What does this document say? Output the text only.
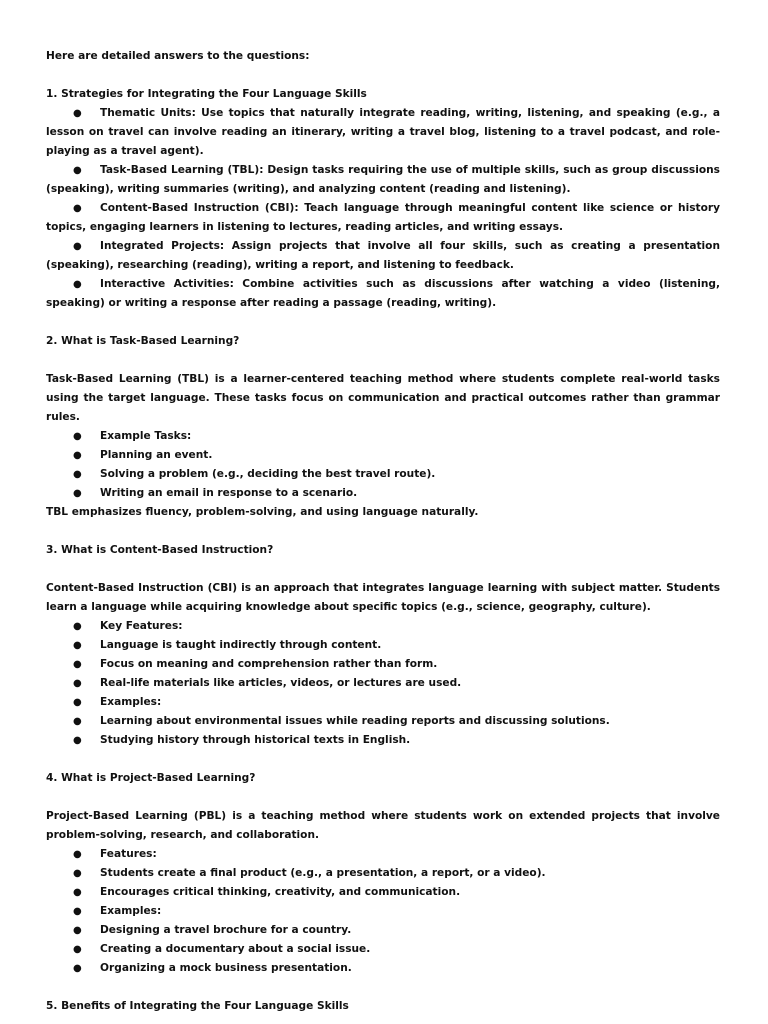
Here are detailed answers to the questions:

1. Strategies for Integrating the Four Language Skills

● Thematic Units: Use topics that naturally integrate reading, writing, listening, and speaking (e.g., a lesson on travel can involve reading an itinerary, writing a travel blog, listening to a travel podcast, and role-playing as a travel agent).

● Task-Based Learning (TBL): Design tasks requiring the use of multiple skills, such as group discussions (speaking), writing summaries (writing), and analyzing content (reading and listening).

● Content-Based Instruction (CBI): Teach language through meaningful content like science or history topics, engaging learners in listening to lectures, reading articles, and writing essays.

● Integrated Projects: Assign projects that involve all four skills, such as creating a presentation (speaking), researching (reading), writing a report, and listening to feedback.

● Interactive Activities: Combine activities such as discussions after watching a video (listening, speaking) or writing a response after reading a passage (reading, writing).

2. What is Task-Based Learning?

Task-Based Learning (TBL) is a learner-centered teaching method where students complete real-world tasks using the target language. These tasks focus on communication and practical outcomes rather than grammar rules.

● Example Tasks:

● Planning an event.

● Solving a problem (e.g., deciding the best travel route).

● Writing an email in response to a scenario.

TBL emphasizes fluency, problem-solving, and using language naturally.

3. What is Content-Based Instruction?

Content-Based Instruction (CBI) is an approach that integrates language learning with subject matter. Students learn a language while acquiring knowledge about specific topics (e.g., science, geography, culture).

● Key Features:

● Language is taught indirectly through content.

● Focus on meaning and comprehension rather than form.

● Real-life materials like articles, videos, or lectures are used.

● Examples:

● Learning about environmental issues while reading reports and discussing solutions.

● Studying history through historical texts in English.

4. What is Project-Based Learning?

Project-Based Learning (PBL) is a teaching method where students work on extended projects that involve problem-solving, research, and collaboration.

● Features:

● Students create a final product (e.g., a presentation, a report, or a video).

● Encourages critical thinking, creativity, and communication.

● Examples:

● Designing a travel brochure for a country.

● Creating a documentary about a social issue.

● Organizing a mock business presentation.

5. Benefits of Integrating the Four Language Skills
